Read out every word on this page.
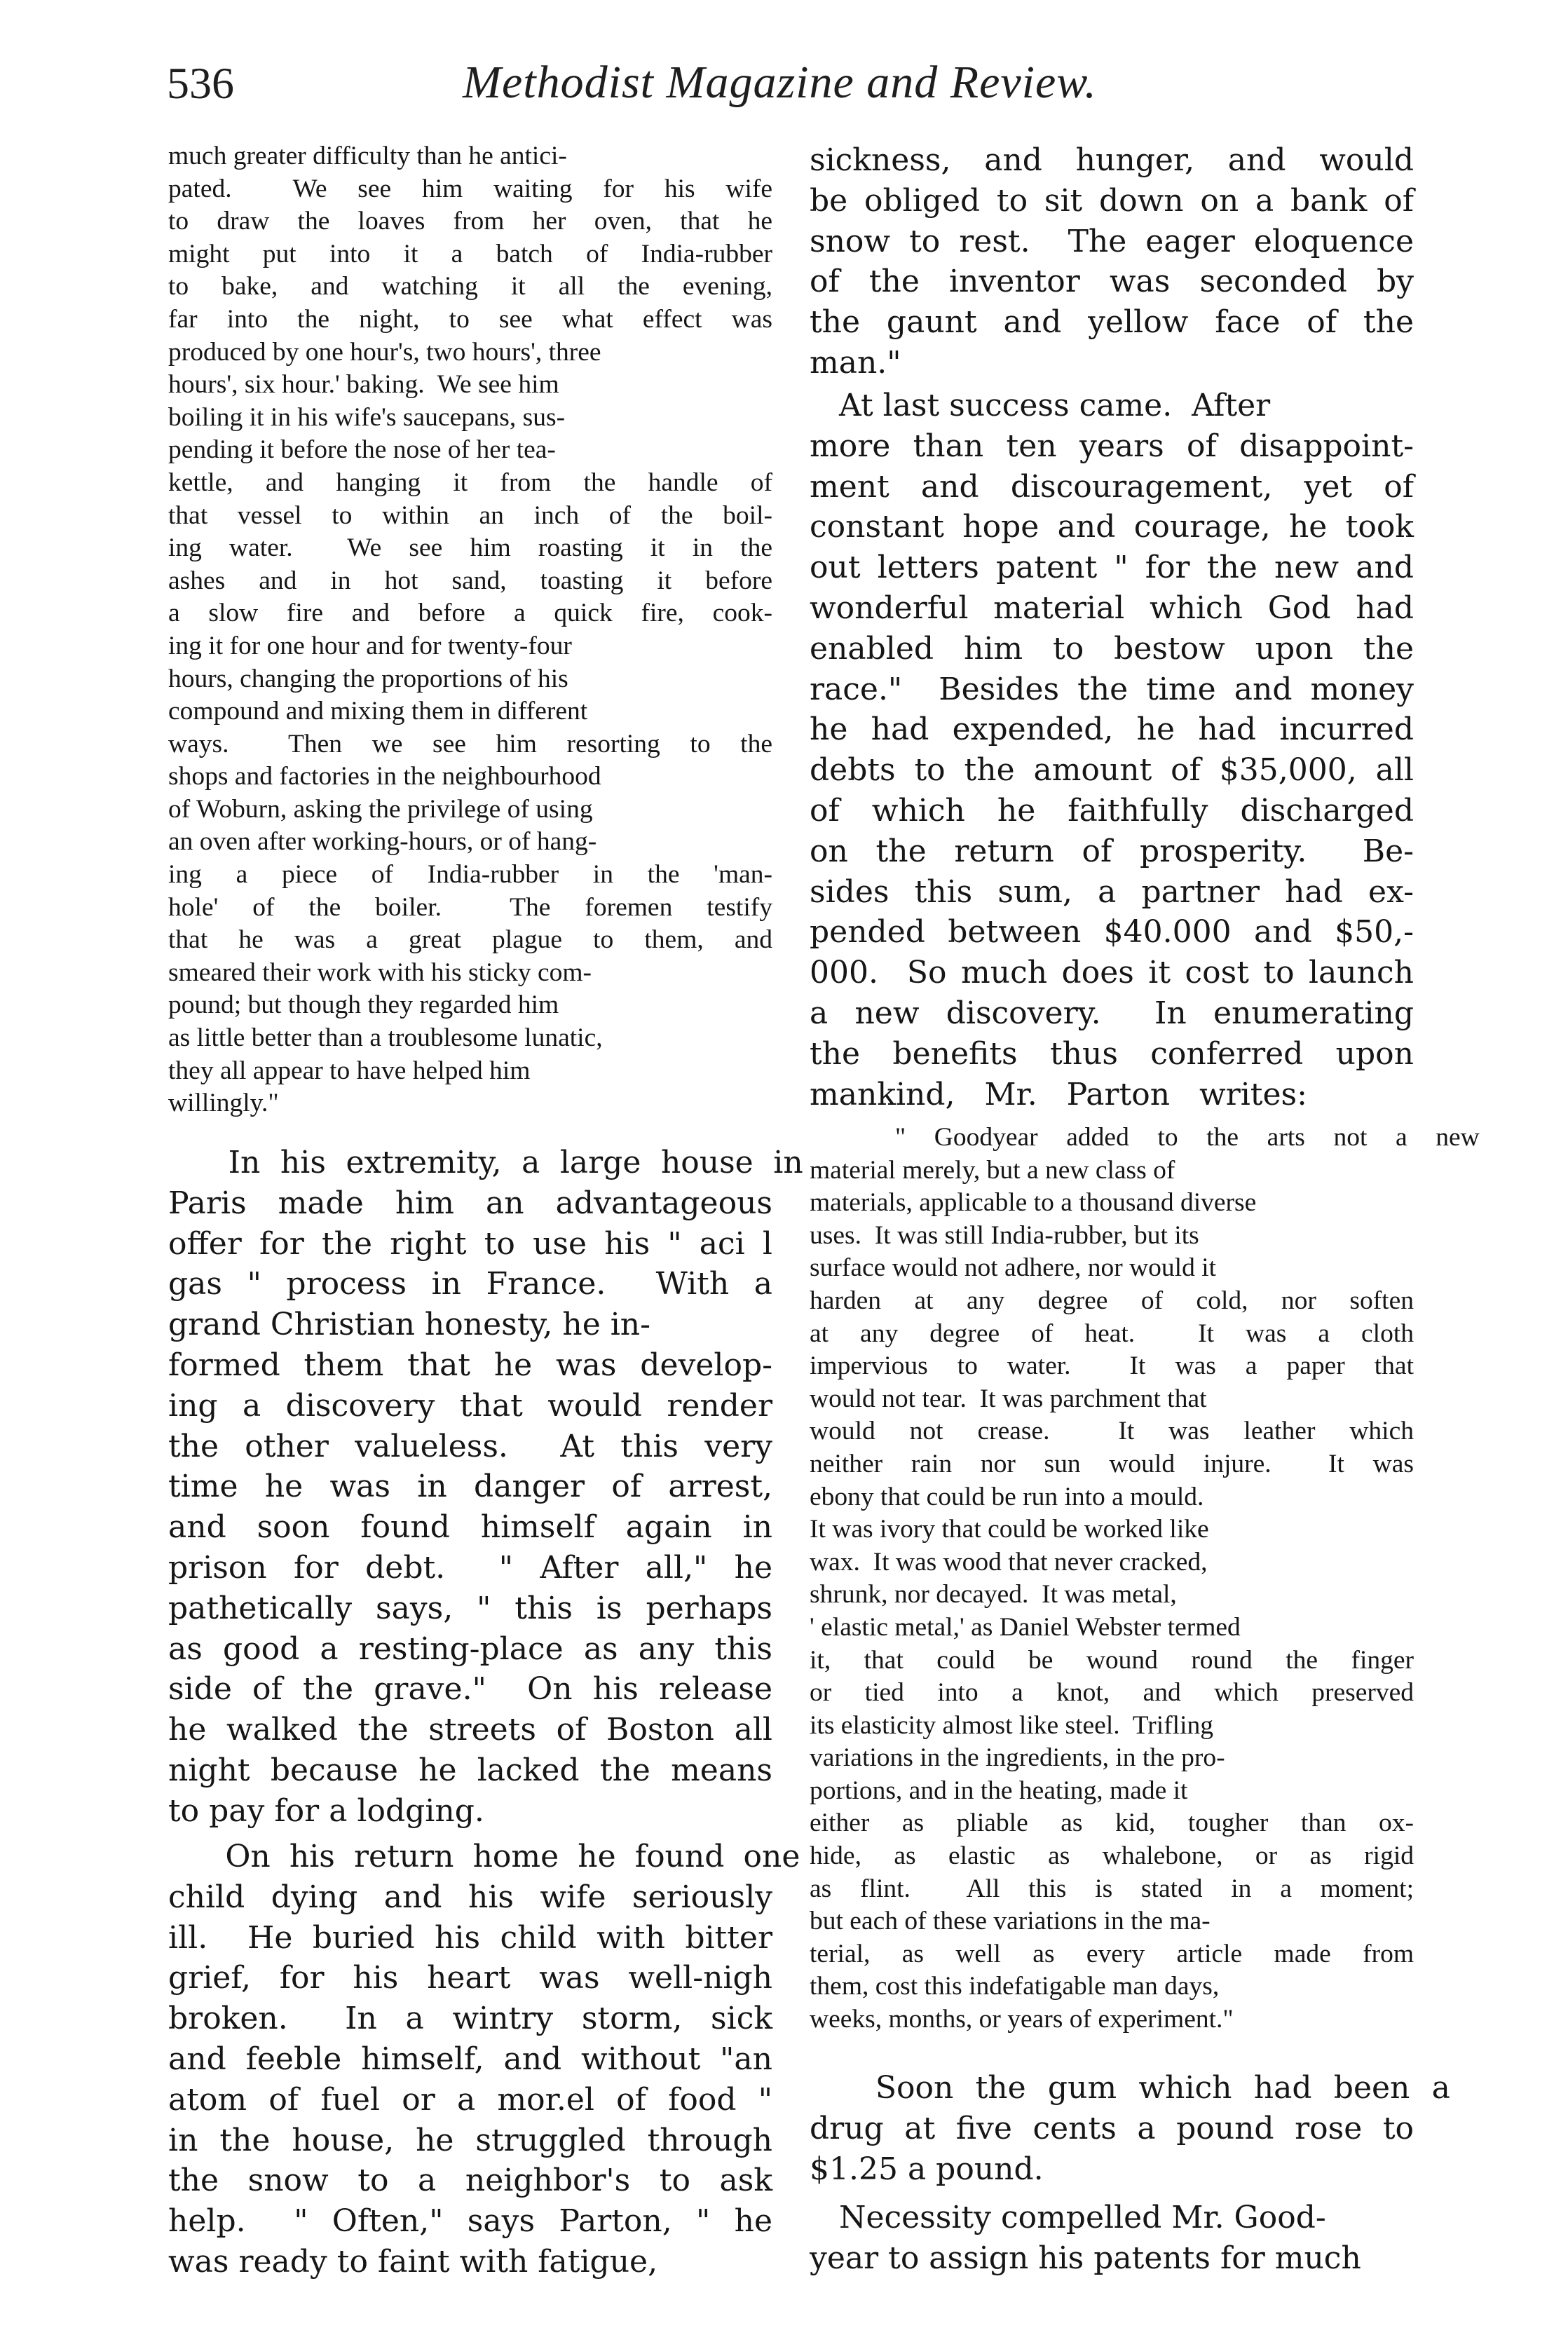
536	Methodist Magazine and Review.
much greater difficulty than he antici-
pated.  We see him waiting for his wife
to draw the loaves from her oven, that he
might put into it a batch of India-rubber
to bake, and watching it all the evening,
far into the night, to see what effect was
produced by one hour's, two hours', three
hours', six hour.' baking.  We see him
boiling it in his wife's saucepans, sus-
pending it before the nose of her tea-
kettle, and hanging it from the handle of
that vessel to within an inch of the boil-
ing water.  We see him roasting it in the
ashes and in hot sand, toasting it before
a slow fire and before a quick fire, cook-
ing it for one hour and for twenty-four
hours, changing the proportions of his
compound and mixing them in different
ways.  Then we see him resorting to the
shops and factories in the neighbourhood
of Woburn, asking the privilege of using
an oven after working-hours, or of hang-
ing a piece of India-rubber in the 'man-
hole' of the boiler.  The foremen testify
that he was a great plague to them, and
smeared their work with his sticky com-
pound; but though they regarded him
as little better than a troublesome lunatic,
they all appear to have helped him
willingly."
In his extremity, a large house in
Paris made him an advantageous
offer for the right to use his " aci l
gas " process in France.  With a
grand Christian honesty, he in-
formed them that he was develop-
ing a discovery that would render
the other valueless.  At this very
time he was in danger of arrest,
and soon found himself again in
prison for debt.  " After all," he
pathetically says, " this is perhaps
as good a resting-place as any this
side of the grave."  On his release
he walked the streets of Boston all
night because he lacked the means
to pay for a lodging.
On his return home he found one
child dying and his wife seriously
ill.  He buried his child with bitter
grief, for his heart was well-nigh
broken.  In a wintry storm, sick
and feeble himself, and without "an
atom of fuel or a mor.el of food "
in the house, he struggled through
the snow to a neighbor's to ask
help.  " Often," says Parton, " he
was ready to faint with fatigue,
sickness, and hunger, and would
be obliged to sit down on a bank of
snow to rest.  The eager eloquence
of the inventor was seconded by
the gaunt and yellow face of the
man."
At last success came.  After
more than ten years of disappoint-
ment and discouragement, yet of
constant hope and courage, he took
out letters patent " for the new and
wonderful material which God had
enabled him to bestow upon the
race."  Besides the time and money
he had expended, he had incurred
debts to the amount of $35,000, all
of which he faithfully discharged
on the return of prosperity.  Be-
sides this sum, a partner had ex-
pended between $40.000 and $50,-
000.  So much does it cost to launch
a new discovery.  In enumerating
the benefits thus conferred upon
mankind,   Mr.   Parton   writes:
" Goodyear added to the arts not a new
material merely, but a new class of
materials, applicable to a thousand diverse
uses.  It was still India-rubber, but its
surface would not adhere, nor would it
harden at any degree of cold, nor soften
at any degree of heat.  It was a cloth
impervious to water.  It was a paper that
would not tear.  It was parchment that
would not crease.  It was leather which
neither rain nor sun would injure.  It was
ebony that could be run into a mould.
It was ivory that could be worked like
wax.  It was wood that never cracked,
shrunk, nor decayed.  It was metal,
' elastic metal,' as Daniel Webster termed
it, that could be wound round the finger
or tied into a knot, and which preserved
its elasticity almost like steel.  Trifling
variations in the ingredients, in the pro-
portions, and in the heating, made it
either as pliable as kid, tougher than ox-
hide, as elastic as whalebone, or as rigid
as flint.  All this is stated in a moment;
but each of these variations in the ma-
terial, as well as every article made from
them, cost this indefatigable man days,
weeks, months, or years of experiment."
Soon the gum which had been a
drug at five cents a pound rose to
$1.25 a pound.
Necessity compelled Mr. Good-
year to assign his patents for much
